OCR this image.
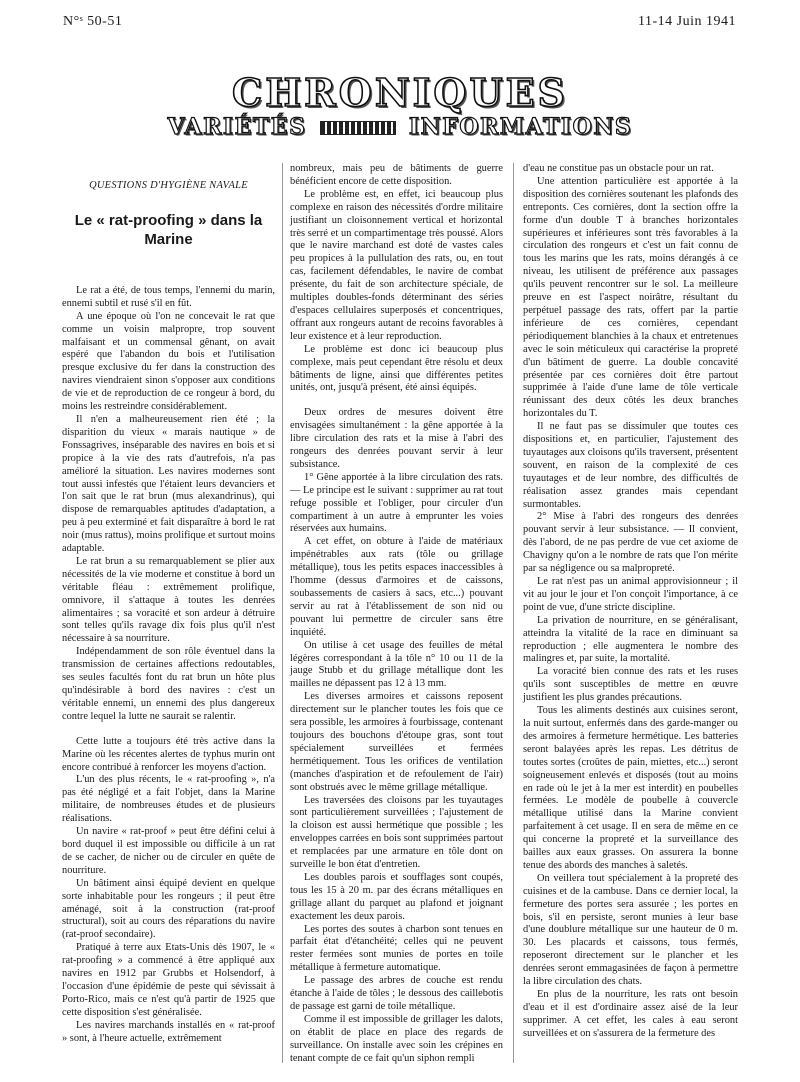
N°ˢ 50-51	11-14 Juin 1941
CHRONIQUES
VARIÉTÉS	INFORMATIONS

QUESTIONS D'HYGIÈNE NAVALE

Le « rat-proofing » dans la Marine

Le rat a été, de tous temps, l'ennemi du marin, ennemi subtil et rusé s'il en fût.

A une époque où l'on ne concevait le rat que comme un voisin malpropre, trop souvent malfaisant et un commensal gênant, on avait espéré que l'abandon du bois et l'utilisation presque exclusive du fer dans la construction des navires viendraient sinon s'opposer aux conditions de vie et de reproduction de ce rongeur à bord, du moins les restreindre considérablement.

Il n'en a malheureusement rien été ; la disparition du vieux « marais nautique » de Fonssagrives, inséparable des navires en bois et si propice à la vie des rats d'autrefois, n'a pas amélioré la situation. Les navires modernes sont tout aussi infestés que l'étaient leurs devanciers et l'on sait que le rat brun (mus alexandrinus), qui dispose de remarquables aptitudes d'adaptation, a peu à peu exterminé et fait disparaître à bord le rat noir (mus rattus), moins prolifique et surtout moins adaptable.

Le rat brun a su remarquablement se plier aux nécessités de la vie moderne et constitue à bord un véritable fléau : extrêmement prolifique, omnivore, il s'attaque à toutes les denrées alimentaires ; sa voracité et son ardeur à détruire sont telles qu'ils ravage dix fois plus qu'il n'est nécessaire à sa nourriture.

Indépendamment de son rôle éventuel dans la transmission de certaines affections redoutables, ses seules facultés font du rat brun un hôte plus qu'indésirable à bord des navires : c'est un véritable ennemi, un ennemi des plus dangereux contre lequel la lutte ne saurait se ralentir.

Cette lutte a toujours été très active dans la Marine où les récentes alertes de typhus murin ont encore contribué à renforcer les moyens d'action.

L'un des plus récents, le « rat-proofing », n'a pas été négligé et a fait l'objet, dans la Marine militaire, de nombreuses études et de plusieurs réalisations.

Un navire « rat-proof » peut être défini celui à bord duquel il est impossible ou difficile à un rat de se cacher, de nicher ou de circuler en quête de nourriture.

Un bâtiment ainsi équipé devient en quelque sorte inhabitable pour les rongeurs ; il peut être aménagé, soit à la construction (rat-proof structural), soit au cours des réparations du navire (rat-proof secondaire).

Pratiqué à terre aux Etats-Unis dès 1907, le « rat-proofing » a commencé à être appliqué aux navires en 1912 par Grubbs et Holsendorf, à l'occasion d'une épidémie de peste qui sévissait à Porto-Rico, mais ce n'est qu'à partir de 1925 que cette disposition s'est généralisée.

Les navires marchands installés en « rat-proof » sont, à l'heure actuelle, extrêmement

nombreux, mais peu de bâtiments de guerre bénéficient encore de cette disposition.

Le problème est, en effet, ici beaucoup plus complexe en raison des nécessités d'ordre militaire justifiant un cloisonnement vertical et horizontal très serré et un compartimentage très poussé. Alors que le navire marchand est doté de vastes cales peu propices à la pullulation des rats, ou, en tout cas, facilement défendables, le navire de combat présente, du fait de son architecture spéciale, de multiples doubles-fonds déterminant des séries d'espaces cellulaires superposés et concentriques, offrant aux rongeurs autant de recoins favorables à leur existence et à leur reproduction.

Le problème est donc ici beaucoup plus complexe, mais peut cependant être résolu et deux bâtiments de ligne, ainsi que différentes petites unités, ont, jusqu'à présent, été ainsi équipés.

Deux ordres de mesures doivent être envisagées simultanément : la gêne apportée à la libre circulation des rats et la mise à l'abri des rongeurs des denrées pouvant servir à leur subsistance.

1° Gêne apportée à la libre circulation des rats. — Le principe est le suivant : supprimer au rat tout refuge possible et l'obliger, pour circuler d'un compartiment à un autre à emprunter les voies réservées aux humains.

A cet effet, on obture à l'aide de matériaux impénétrables aux rats (tôle ou grillage métallique), tous les petits espaces inaccessibles à l'homme (dessus d'armoires et de caissons, soubassements de casiers à sacs, etc...) pouvant servir au rat à l'établissement de son nid ou pouvant lui permettre de circuler sans être inquiété.

On utilise à cet usage des feuilles de métal légères correspondant à la tôle n° 10 ou 11 de la jauge Stubb et du grillage métallique dont les mailles ne dépassent pas 12 à 13 mm.

Les diverses armoires et caissons reposent directement sur le plancher toutes les fois que ce sera possible, les armoires à fourbissage, contenant toujours des bouchons d'étoupe gras, sont tout spécialement surveillées et fermées hermétiquement. Tous les orifices de ventilation (manches d'aspiration et de refoulement de l'air) sont obstrués avec le même grillage métallique.

Les traversées des cloisons par les tuyautages sont particulièrement surveillées ; l'ajustement de la cloison est aussi hermétique que possible ; les enveloppes carrées en bois sont supprimées partout et remplacées par une armature en tôle dont on surveille le bon état d'entretien.

Les doubles parois et soufflages sont coupés, tous les 15 à 20 m. par des écrans métalliques en grillage allant du parquet au plafond et joignant exactement les deux parois.

Les portes des soutes à charbon sont tenues en parfait état d'étanchéité; celles qui ne peuvent rester fermées sont munies de portes en toile métallique à fermeture automatique.

Le passage des arbres de couche est rendu étanche à l'aide de tôles ; le dessous des caillebotis de passage est garni de toile métallique.

Comme il est impossible de grillager les dalots, on établit de place en place des regards de surveillance. On installe avec soin les crépines en tenant compte de ce fait qu'un siphon rempli

d'eau ne constitue pas un obstacle pour un rat.

Une attention particulière est apportée à la disposition des cornières soutenant les plafonds des entreponts. Ces cornières, dont la section offre la forme d'un double T à branches horizontales supérieures et inférieures sont très favorables à la circulation des rongeurs et c'est un fait connu de tous les marins que les rats, moins dérangés à ce niveau, les utilisent de préférence aux passages qu'ils peuvent rencontrer sur le sol. La meilleure preuve en est l'aspect noirâtre, résultant du perpétuel passage des rats, offert par la partie inférieure de ces cornières, cependant périodiquement blanchies à la chaux et entretenues avec le soin méticuleux qui caractérise la propreté d'un bâtiment de guerre. La double concavité présentée par ces cornières doit être partout supprimée à l'aide d'une lame de tôle verticale réunissant des deux côtés les deux branches horizontales du T.

Il ne faut pas se dissimuler que toutes ces dispositions et, en particulier, l'ajustement des tuyautages aux cloisons qu'ils traversent, présentent souvent, en raison de la complexité de ces tuyautages et de leur nombre, des difficultés de réalisation assez grandes mais cependant surmontables.

2° Mise à l'abri des rongeurs des denrées pouvant servir à leur subsistance. — Il convient, dès l'abord, de ne pas perdre de vue cet axiome de Chavigny qu'on a le nombre de rats que l'on mérite par sa négligence ou sa malpropreté.

Le rat n'est pas un animal approvisionneur ; il vit au jour le jour et l'on conçoit l'importance, à ce point de vue, d'une stricte discipline.

La privation de nourriture, en se généralisant, atteindra la vitalité de la race en diminuant sa reproduction ; elle augmentera le nombre des malingres et, par suite, la mortalité.

La voracité bien connue des rats et les ruses qu'ils sont susceptibles de mettre en œuvre justifient les plus grandes précautions.

Tous les aliments destinés aux cuisines seront, la nuit surtout, enfermés dans des garde-manger ou des armoires à fermeture hermétique. Les batteries seront balayées après les repas. Les détritus de toutes sortes (croûtes de pain, miettes, etc...) seront soigneusement enlevés et disposés (tout au moins en rade où le jet à la mer est interdit) en poubelles fermées. Le modèle de poubelle à couvercle métallique utilisé dans la Marine convient parfaitement à cet usage. Il en sera de même en ce qui concerne la propreté et la surveillance des bailles aux eaux grasses. On assurera la bonne tenue des abords des manches à saletés.

On veillera tout spécialement à la propreté des cuisines et de la cambuse. Dans ce dernier local, la fermeture des portes sera assurée ; les portes en bois, s'il en persiste, seront munies à leur base d'une doublure métallique sur une hauteur de 0 m. 30. Les placards et caissons, tous fermés, reposeront directement sur le plancher et les denrées seront emmagasinées de façon à permettre la libre circulation des chats.

En plus de la nourriture, les rats ont besoin d'eau et il est d'ordinaire assez aisé de la leur supprimer. A cet effet, les cales à eau seront surveillées et on s'assurera de la fermeture des
